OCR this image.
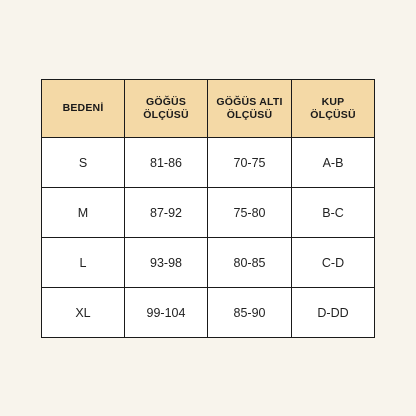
BEDENİ	GÖĞÜS ÖLÇÜSÜ	GÖĞÜS ALTI ÖLÇÜSÜ	KUP ÖLÇÜSÜ
S	81-86	70-75	A-B
M	87-92	75-80	B-C
L	93-98	80-85	C-D
XL	99-104	85-90	D-DD
